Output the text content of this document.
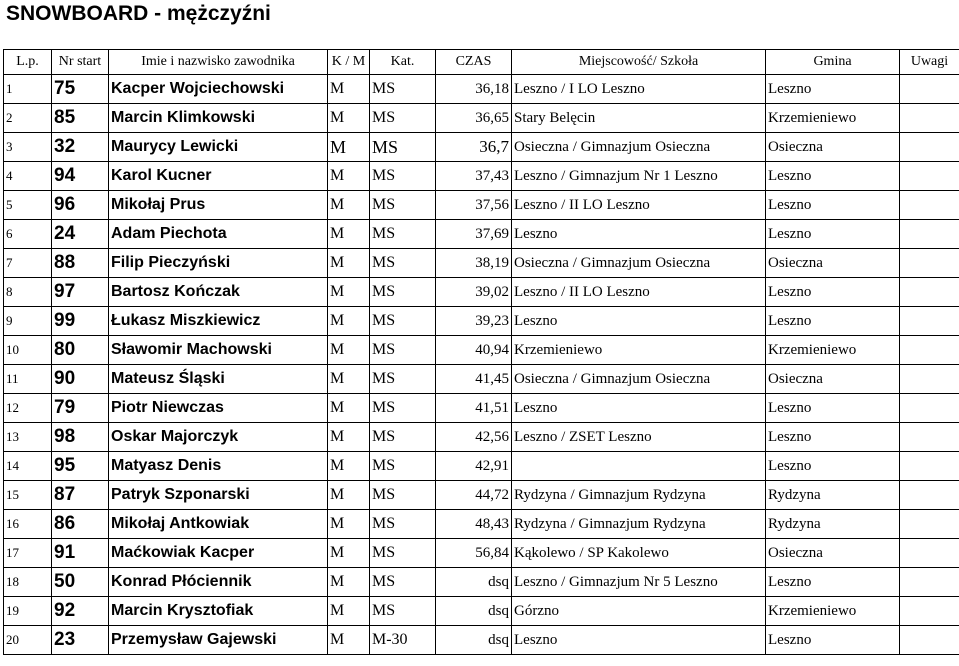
SNOWBOARD - mężczyźni
L.p.	Nr start	Imie i nazwisko zawodnika	K / M	Kat.	CZAS	Miejscowość/ Szkoła	Gmina	Uwagi
1	75	Kacper Wojciechowski	M	MS	36,18	Leszno / I LO Leszno	Leszno	
2	85	Marcin Klimkowski	M	MS	36,65	Stary Belęcin	Krzemieniewo	
3	32	Maurycy Lewicki	M	MS	36,7	Osieczna / Gimnazjum Osieczna	Osieczna	
4	94	Karol Kucner	M	MS	37,43	Leszno / Gimnazjum Nr 1 Leszno	Leszno	
5	96	Mikołaj Prus	M	MS	37,56	Leszno / II LO Leszno	Leszno	
6	24	Adam Piechota	M	MS	37,69	Leszno	Leszno	
7	88	Filip Pieczyński	M	MS	38,19	Osieczna / Gimnazjum Osieczna	Osieczna	
8	97	Bartosz Kończak	M	MS	39,02	Leszno / II LO Leszno	Leszno	
9	99	Łukasz Miszkiewicz	M	MS	39,23	Leszno	Leszno	
10	80	Sławomir Machowski	M	MS	40,94	Krzemieniewo	Krzemieniewo	
11	90	Mateusz Śląski	M	MS	41,45	Osieczna / Gimnazjum Osieczna	Osieczna	
12	79	Piotr Niewczas	M	MS	41,51	Leszno	Leszno	
13	98	Oskar Majorczyk	M	MS	42,56	Leszno / ZSET Leszno	Leszno	
14	95	Matyasz Denis	M	MS	42,91		Leszno	
15	87	Patryk Szponarski	M	MS	44,72	Rydzyna / Gimnazjum Rydzyna	Rydzyna	
16	86	Mikołaj Antkowiak	M	MS	48,43	Rydzyna / Gimnazjum Rydzyna	Rydzyna	
17	91	Maćkowiak Kacper	M	MS	56,84	Kąkolewo / SP Kakolewo	Osieczna	
18	50	Konrad Płóciennik	M	MS	dsq	Leszno / Gimnazjum Nr 5 Leszno	Leszno	
19	92	Marcin Krysztofiak	M	MS	dsq	Górzno	Krzemieniewo	
20	23	Przemysław Gajewski	M	M-30	dsq	Leszno	Leszno	
